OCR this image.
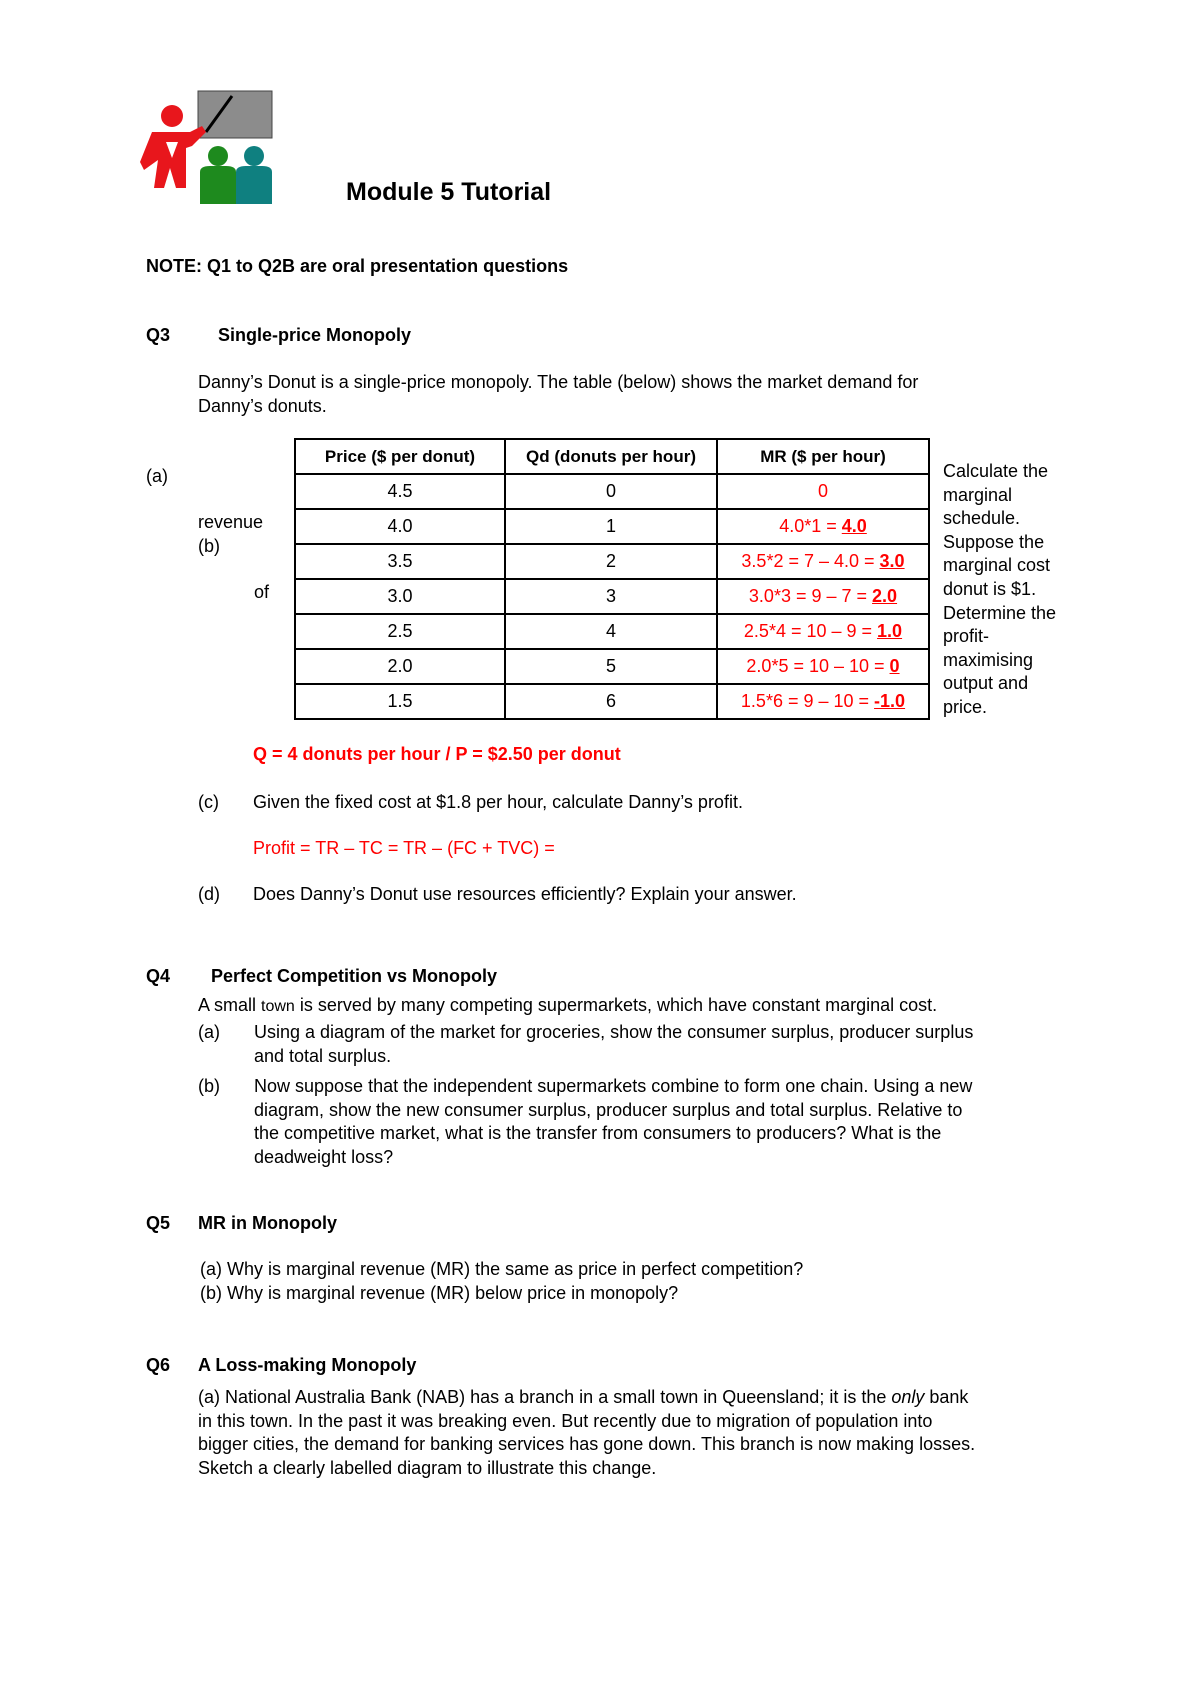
Module 5 Tutorial
NOTE: Q1 to Q2B are oral presentation questions
Q3	Single-price Monopoly
Danny’s Donut is a single-price monopoly. The table (below) shows the market demand for
Danny’s donuts.
(a)
revenue
(b)
of
Price ($ per donut)	Qd (donuts per hour)	MR ($ per hour)
4.5	0	0
4.0	1	4.0*1 = 4.0
3.5	2	3.5*2 = 7 – 4.0 = 3.0
3.0	3	3.0*3 = 9 – 7 = 2.0
2.5	4	2.5*4 = 10 – 9 = 1.0
2.0	5	2.0*5 = 10 – 10 = 0
1.5	6	1.5*6 = 9 – 10 = -1.0
Calculate the
marginal
schedule.
Suppose the
marginal cost
donut is $1.
Determine the
profit-
maximising
output and
price.
Q = 4 donuts per hour / P = $2.50 per donut
(c) Given the fixed cost at $1.8 per hour, calculate Danny’s profit.
Profit = TR – TC = TR – (FC + TVC) =
(d) Does Danny’s Donut use resources efficiently? Explain your answer.
Q4 Perfect Competition vs Monopoly
A small town is served by many competing supermarkets, which have constant marginal cost.
(a)	Using a diagram of the market for groceries, show the consumer surplus, producer surplus
and total surplus.
(b)	Now suppose that the independent supermarkets combine to form one chain. Using a new
diagram, show the new consumer surplus, producer surplus and total surplus. Relative to
the competitive market, what is the transfer from consumers to producers? What is the
deadweight loss?
Q5 MR in Monopoly
(a) Why is marginal revenue (MR) the same as price in perfect competition?
(b) Why is marginal revenue (MR) below price in monopoly?
Q6 A Loss-making Monopoly
(a) National Australia Bank (NAB) has a branch in a small town in Queensland; it is the only bank
in this town. In the past it was breaking even. But recently due to migration of population into
bigger cities, the demand for banking services has gone down. This branch is now making losses.
Sketch a clearly labelled diagram to illustrate this change.
